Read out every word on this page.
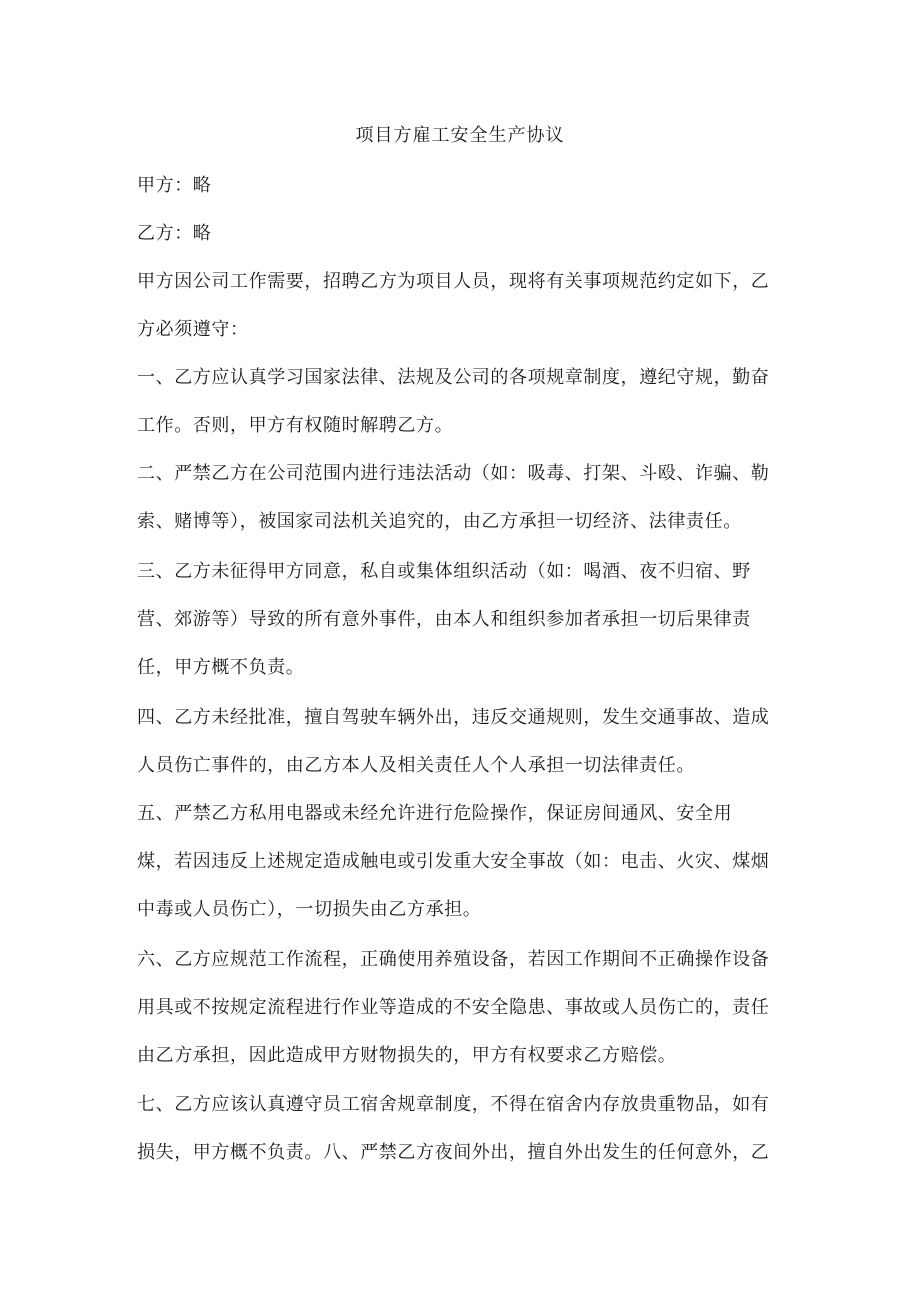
项目方雇工安全生产协议
甲方：略
乙方：略
甲方因公司工作需要，招聘乙方为项目人员，现将有关事项规范约定如下，乙
方必须遵守：
一、乙方应认真学习国家法律、法规及公司的各项规章制度，遵纪守规，勤奋
工作。否则，甲方有权随时解聘乙方。
二、严禁乙方在公司范围内进行违法活动（如：吸毒、打架、斗殴、诈骗、勒
索、赌博等），被国家司法机关追究的，由乙方承担一切经济、法律责任。
三、乙方未征得甲方同意，私自或集体组织活动（如：喝酒、夜不归宿、野
营、郊游等）导致的所有意外事件，由本人和组织参加者承担一切后果律责
任，甲方概不负责。
四、乙方未经批准，擅自驾驶车辆外出，违反交通规则，发生交通事故、造成
人员伤亡事件的，由乙方本人及相关责任人个人承担一切法律责任。
五、严禁乙方私用电器或未经允许进行危险操作，保证房间通风、安全用
煤，若因违反上述规定造成触电或引发重大安全事故（如：电击、火灾、煤烟
中毒或人员伤亡），一切损失由乙方承担。
六、乙方应规范工作流程，正确使用养殖设备，若因工作期间不正确操作设备
用具或不按规定流程进行作业等造成的不安全隐患、事故或人员伤亡的，责任
由乙方承担，因此造成甲方财物损失的，甲方有权要求乙方赔偿。
七、乙方应该认真遵守员工宿舍规章制度，不得在宿舍内存放贵重物品，如有
损失，甲方概不负责。八、严禁乙方夜间外出，擅自外出发生的任何意外，乙
